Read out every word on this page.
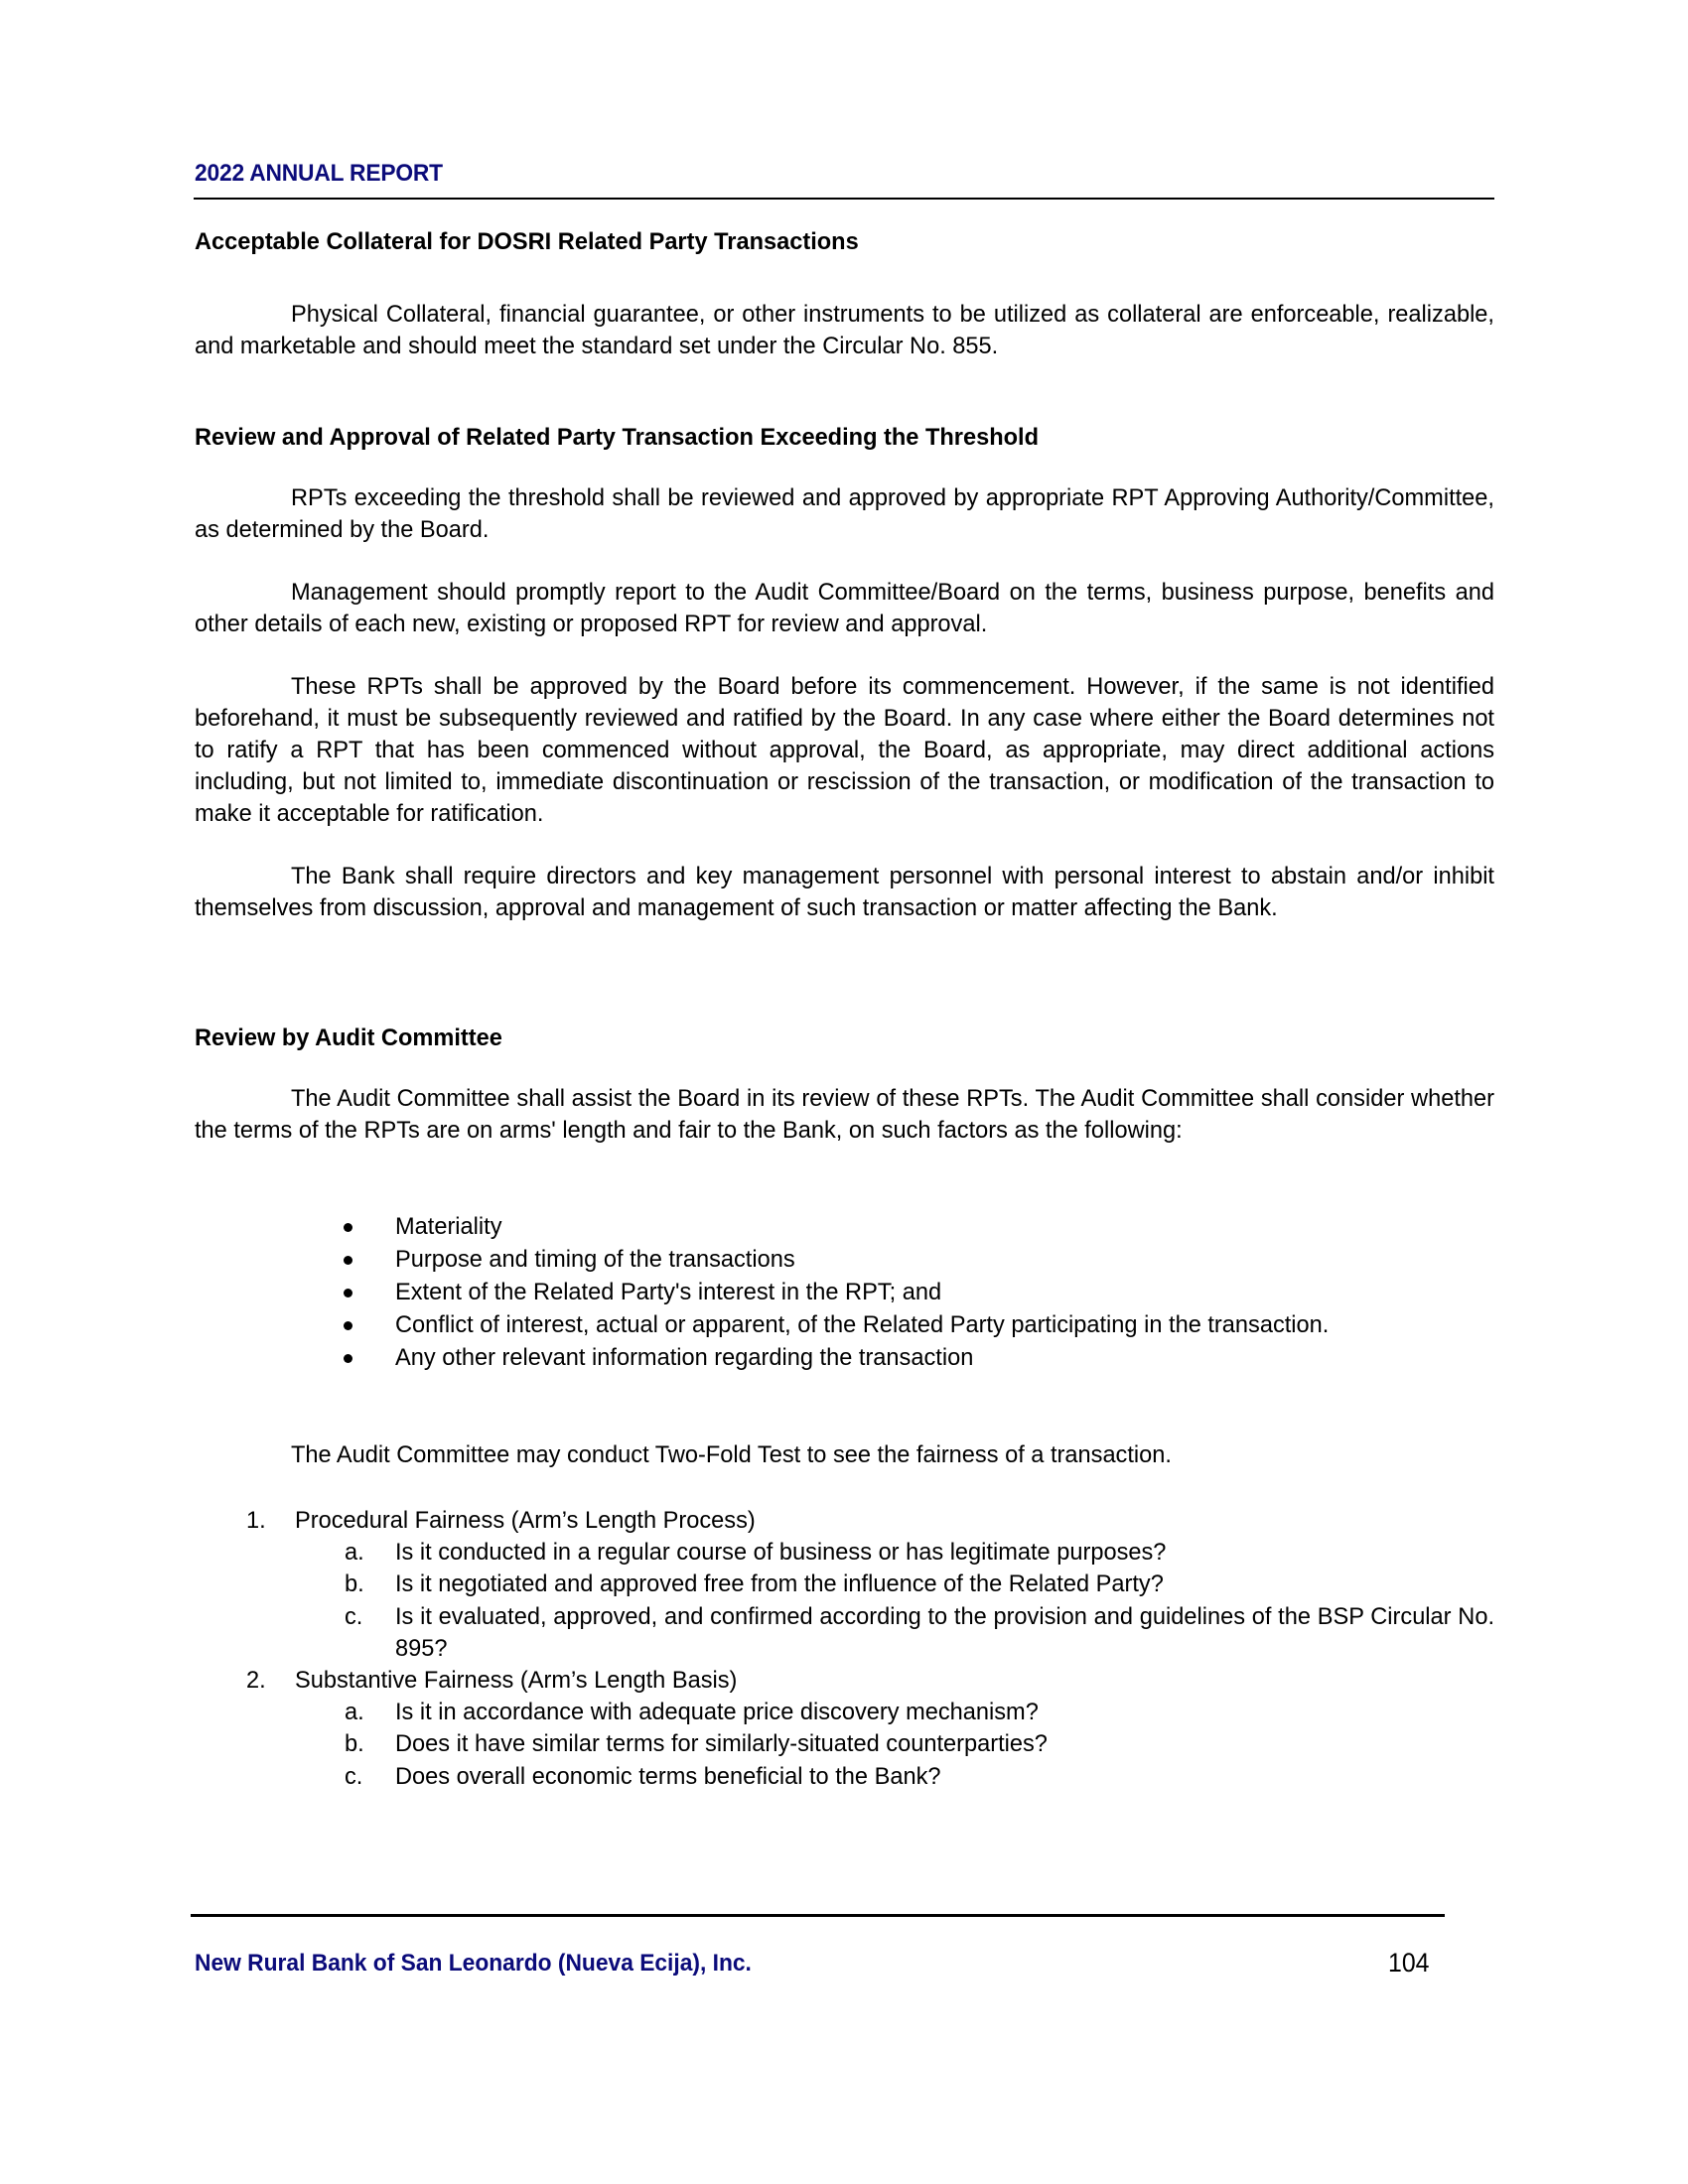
2022 ANNUAL REPORT
Acceptable Collateral for DOSRI Related Party Transactions
Physical Collateral, financial guarantee, or other instruments to be utilized as collateral are enforceable, realizable, and marketable and should meet the standard set under the Circular No. 855.
Review and Approval of Related Party Transaction Exceeding the Threshold
RPTs exceeding the threshold shall be reviewed and approved by appropriate RPT Approving Authority/Committee, as determined by the Board.
Management should promptly report to the Audit Committee/Board on the terms, business purpose, benefits and other details of each new, existing or proposed RPT for review and approval.
These RPTs shall be approved by the Board before its commencement. However, if the same is not identified beforehand, it must be subsequently reviewed and ratified by the Board. In any case where either the Board determines not to ratify a RPT that has been commenced without approval, the Board, as appropriate, may direct additional actions including, but not limited to, immediate discontinuation or rescission of the transaction, or modification of the transaction to make it acceptable for ratification.
The Bank shall require directors and key management personnel with personal interest to abstain and/or inhibit themselves from discussion, approval and management of such transaction or matter affecting the Bank.
Review by Audit Committee
The Audit Committee shall assist the Board in its review of these RPTs. The Audit Committee shall consider whether the terms of the RPTs are on arms' length and fair to the Bank, on such factors as the following:
Materiality
Purpose and timing of the transactions
Extent of the Related Party's interest in the RPT; and
Conflict of interest, actual or apparent, of the Related Party participating in the transaction.
Any other relevant information regarding the transaction
The Audit Committee may conduct Two-Fold Test to see the fairness of a transaction.
1. Procedural Fairness (Arm’s Length Process)
a. Is it conducted in a regular course of business or has legitimate purposes?
b. Is it negotiated and approved free from the influence of the Related Party?
c. Is it evaluated, approved, and confirmed according to the provision and guidelines of the BSP Circular No. 895?
2. Substantive Fairness (Arm’s Length Basis)
a. Is it in accordance with adequate price discovery mechanism?
b. Does it have similar terms for similarly-situated counterparties?
c. Does overall economic terms beneficial to the Bank?
New Rural Bank of San Leonardo (Nueva Ecija), Inc.	104
